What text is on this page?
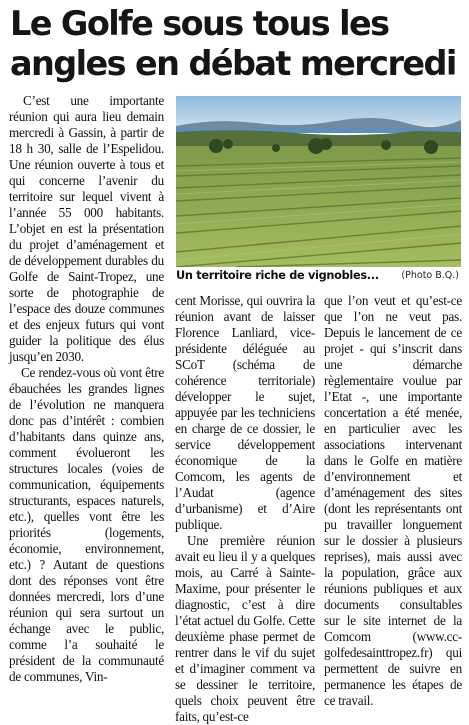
Le Golfe sous tous les angles en débat mercredi

C’est une importante réunion qui aura lieu demain mercredi à Gassin, à partir de 18 h 30, salle de l’Espelidou. Une réunion ouverte à tous et qui concerne l’avenir du territoire sur lequel vivent à l’année 55 000 habitants. L’objet en est la présentation du projet d’aménagement et de développement durables du Golfe de Saint-Tropez, une sorte de photographie de l’espace des douze communes et des enjeux futurs qui vont guider la politique des élus jusqu’en 2030.

Ce rendez-vous où vont être ébauchées les grandes lignes de l’évolution ne manquera donc pas d’intérêt : combien d’habitants dans quinze ans, comment évolueront les structures locales (voies de communication, équipements structurants, espaces naturels, etc.), quelles vont être les priorités (logements, économie, environnement, etc.) ? Autant de questions dont des réponses vont être données mercredi, lors d’une réunion qui sera surtout un échange avec le public, comme l’a souhaité le président de la communauté de communes, Vin-

Un territoire riche de vignobles... (Photo B.Q.)

cent Morisse, qui ouvrira la réunion avant de laisser Florence Lanliard, vice-présidente déléguée au SCoT (schéma de cohérence territoriale) développer le sujet, appuyée par les techniciens en charge de ce dossier, le service développement économique de la Comcom, les agents de l’Audat (agence d’urbanisme) et d’Aire publique.

Une première réunion avait eu lieu il y a quelques mois, au Carré à Sainte-Maxime, pour présenter le diagnostic, c’est à dire l’état actuel du Golfe. Cette deuxième phase permet de rentrer dans le vif du sujet et d’imaginer comment va se dessiner le territoire, quels choix peuvent être faits, qu’est-ce

que l’on veut et qu’est-ce que l’on ne veut pas. Depuis le lancement de ce projet - qui s’inscrit dans une démarche règlementaire voulue par l’Etat -, une importante concertation a été menée, en particulier avec les associations intervenant dans le Golfe en matière d’environnement et d’aménagement des sites (dont les représentants ont pu travailler longuement sur le dossier à plusieurs reprises), mais aussi avec la population, grâce aux réunions publiques et aux documents consultables sur le site internet de la Comcom (www.cc-golfedesainttropez.fr) qui permettent de suivre en permanence les étapes de ce travail.
